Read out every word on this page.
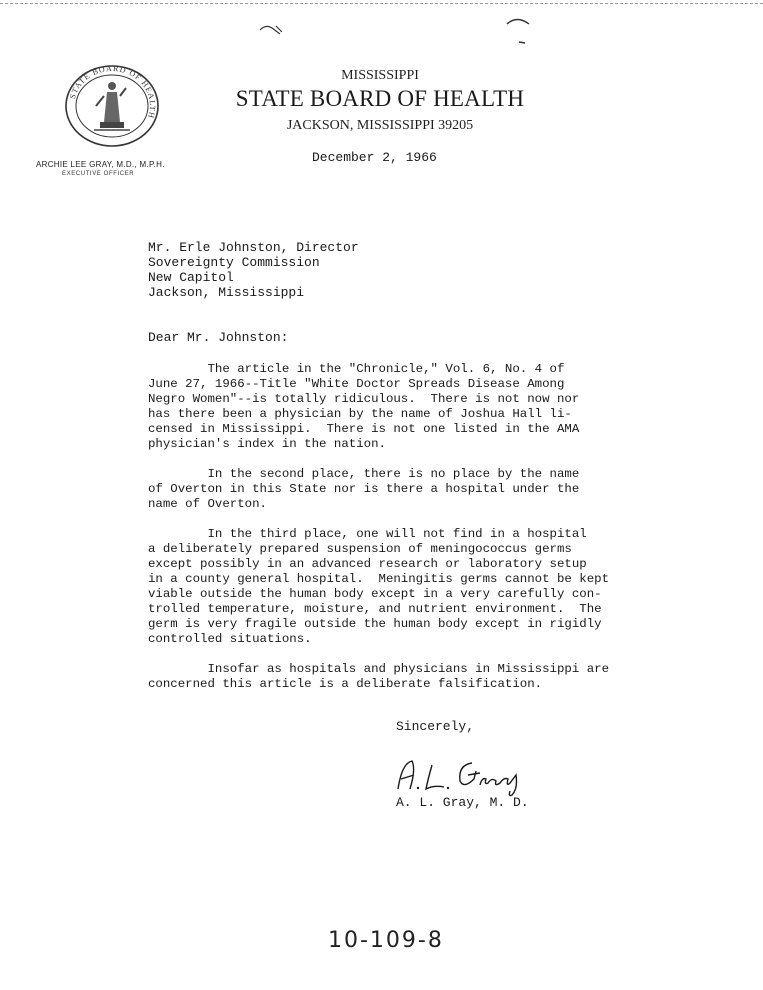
STATE BOARD OF HEALTH
MISSISSIPPI
STATE BOARD OF HEALTH
JACKSON, MISSISSIPPI 39205
ARCHIE LEE GRAY, M.D., M.P.H.
EXECUTIVE OFFICER
December 2, 1966
Mr. Erle Johnston, Director
Sovereignty Commission
New Capitol
Jackson, Mississippi
Dear Mr. Johnston:
The article in the "Chronicle," Vol. 6, No. 4 of
June 27, 1966--Title "White Doctor Spreads Disease Among
Negro Women"--is totally ridiculous.  There is not now nor
has there been a physician by the name of Joshua Hall li-
censed in Mississippi.  There is not one listed in the AMA
physician's index in the nation.
In the second place, there is no place by the name
of Overton in this State nor is there a hospital under the
name of Overton.
In the third place, one will not find in a hospital
a deliberately prepared suspension of meningococcus germs
except possibly in an advanced research or laboratory setup
in a county general hospital.  Meningitis germs cannot be kept
viable outside the human body except in a very carefully con-
trolled temperature, moisture, and nutrient environment.  The
germ is very fragile outside the human body except in rigidly
controlled situations.
Insofar as hospitals and physicians in Mississippi are
concerned this article is a deliberate falsification.
Sincerely,
A. L. Gray, M. D.
10-109-8
